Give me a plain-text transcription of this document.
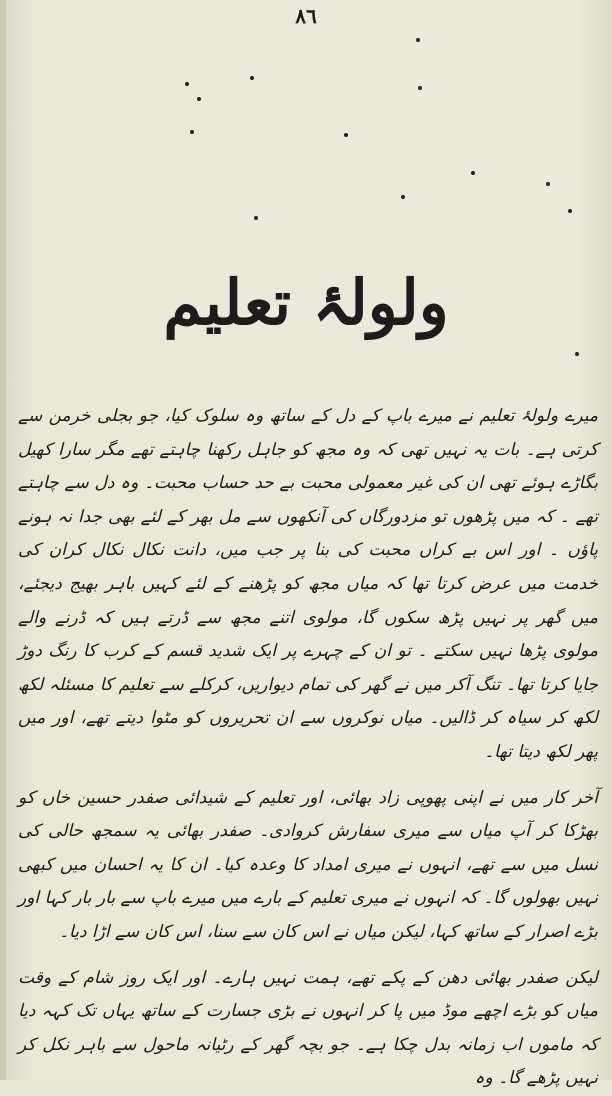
٨٦
ولولۂ تعلیم

میرے ولولۂ تعلیم نے میرے باپ کے دل کے ساتھ وہ سلوک کیا، جو بجلی خرمن سے کرتی ہے۔ بات یہ نہیں تھی کہ وہ مجھ کو جاہل رکھنا چاہتے تھے مگر سارا کھیل بگاڑے ہوئے تھی ان کی غیر معمولی محبت بے حد حساب محبت۔ وہ دل سے چاہتے تھے ۔ کہ میں پڑھوں تو مزدورگاں کی آنکھوں سے مل بھر کے لئے بھی جدا نہ ہونے پاؤں ۔ اور اس بے کراں محبت کی بنا پر جب میں، دانت نکال نکال کران کی خدمت میں عرض کرتا تھا کہ میاں مجھ کو پڑھنے کے لئے کہیں باہر بھیج دیجئے، میں گھر پر نہیں پڑھ سکوں گا، مولوی اتنے مجھ سے ڈرتے ہیں کہ ڈرنے والے مولوی پڑھا نہیں سکتے ۔ تو ان کے چہرے پر ایک شدید قسم کے کرب کا رنگ دوڑ جایا کرتا تھا۔ تنگ آکر میں نے گھر کی تمام دیواریں، کرکلے سے تعلیم کا مسئلہ لکھ لکھ کر سیاہ کر ڈالیں۔ میاں نوکروں سے ان تحریروں کو مٹوا دیتے تھے، اور میں پھر لکھ دیتا تھا۔

آخر کار میں نے اپنی پھوپی زاد بھائی، اور تعلیم کے شیدائی صفدر حسین خاں کو بھڑکا کر آپ میاں سے میری سفارش کروادی۔ صفدر بھائی یہ سمجھ حالی کی نسل میں سے تھے، انہوں نے میری امداد کا وعدہ کیا۔ ان کا یہ احسان میں کبھی نہیں بھولوں گا۔ کہ انہوں نے میری تعلیم کے بارے میں میرے باپ سے بار بار کہا اور بڑے اصرار کے ساتھ کہا، لیکن میاں نے اس کان سے سنا، اس کان سے اڑا دیا۔

لیکن صفدر بھائی دھن کے پکے تھے، ہمت نہیں ہارے۔ اور ایک روز شام کے وقت میاں کو بڑے اچھے موڈ میں پا کر انہوں نے بڑی جسارت کے ساتھ یہاں تک کہہ دیا کہ ماموں اب زمانہ بدل چکا ہے۔ جو بچہ گھر کے رٹیانہ ماحول سے باہر نکل کر نہیں پڑھے گا۔ وہ
